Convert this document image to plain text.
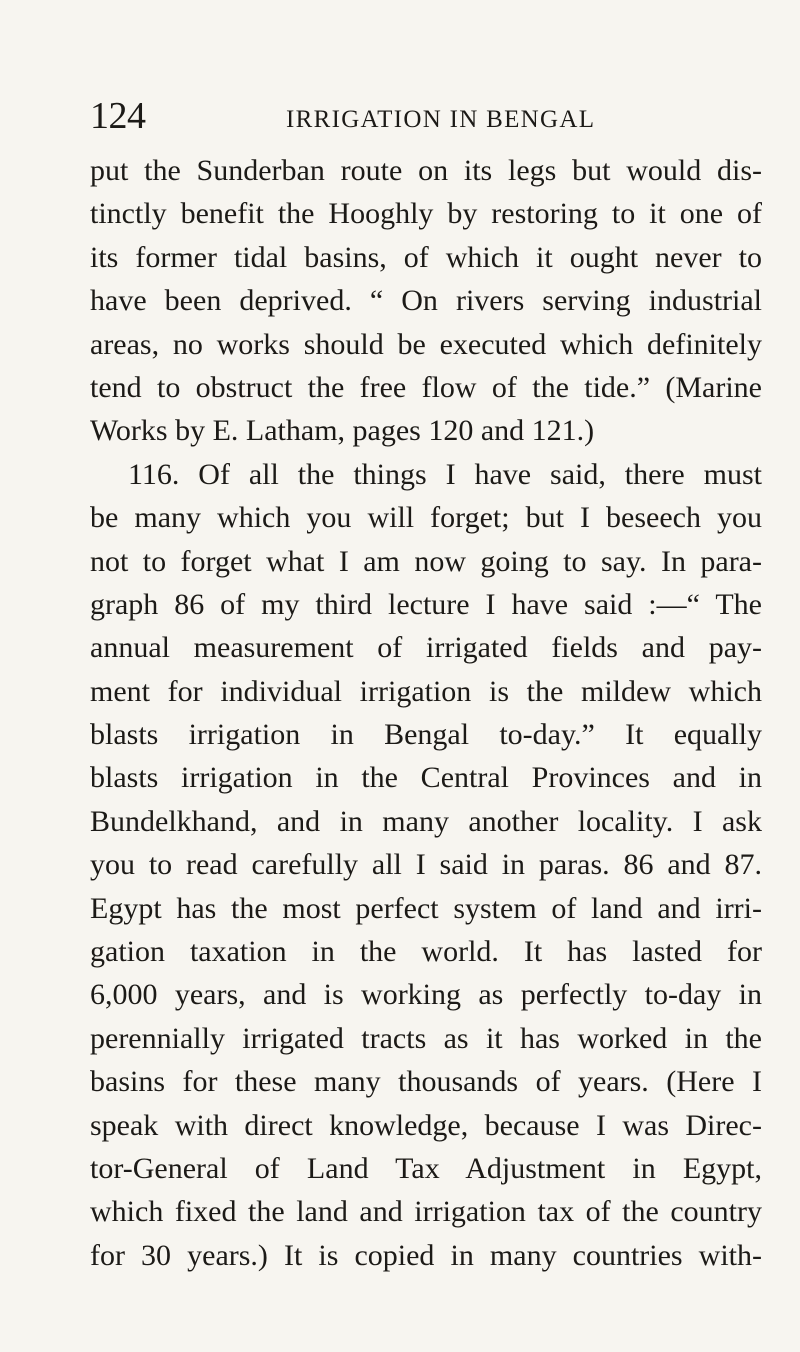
124	IRRIGATION IN BENGAL
put the Sunderban route on its legs but would dis-
tinctly benefit the Hooghly by restoring to it one of
its former tidal basins, of which it ought never to
have been deprived. “ On rivers serving industrial
areas, no works should be executed which definitely
tend to obstruct the free flow of the tide.” (Marine
Works by E. Latham, pages 120 and 121.)
116. Of all the things I have said, there must
be many which you will forget; but I beseech you
not to forget what I am now going to say. In para-
graph 86 of my third lecture I have said :—“ The
annual measurement of irrigated fields and pay-
ment for individual irrigation is the mildew which
blasts irrigation in Bengal to-day.” It equally
blasts irrigation in the Central Provinces and in
Bundelkhand, and in many another locality. I ask
you to read carefully all I said in paras. 86 and 87.
Egypt has the most perfect system of land and irri-
gation taxation in the world. It has lasted for
6,000 years, and is working as perfectly to-day in
perennially irrigated tracts as it has worked in the
basins for these many thousands of years. (Here I
speak with direct knowledge, because I was Direc-
tor-General of Land Tax Adjustment in Egypt,
which fixed the land and irrigation tax of the country
for 30 years.) It is copied in many countries with-
